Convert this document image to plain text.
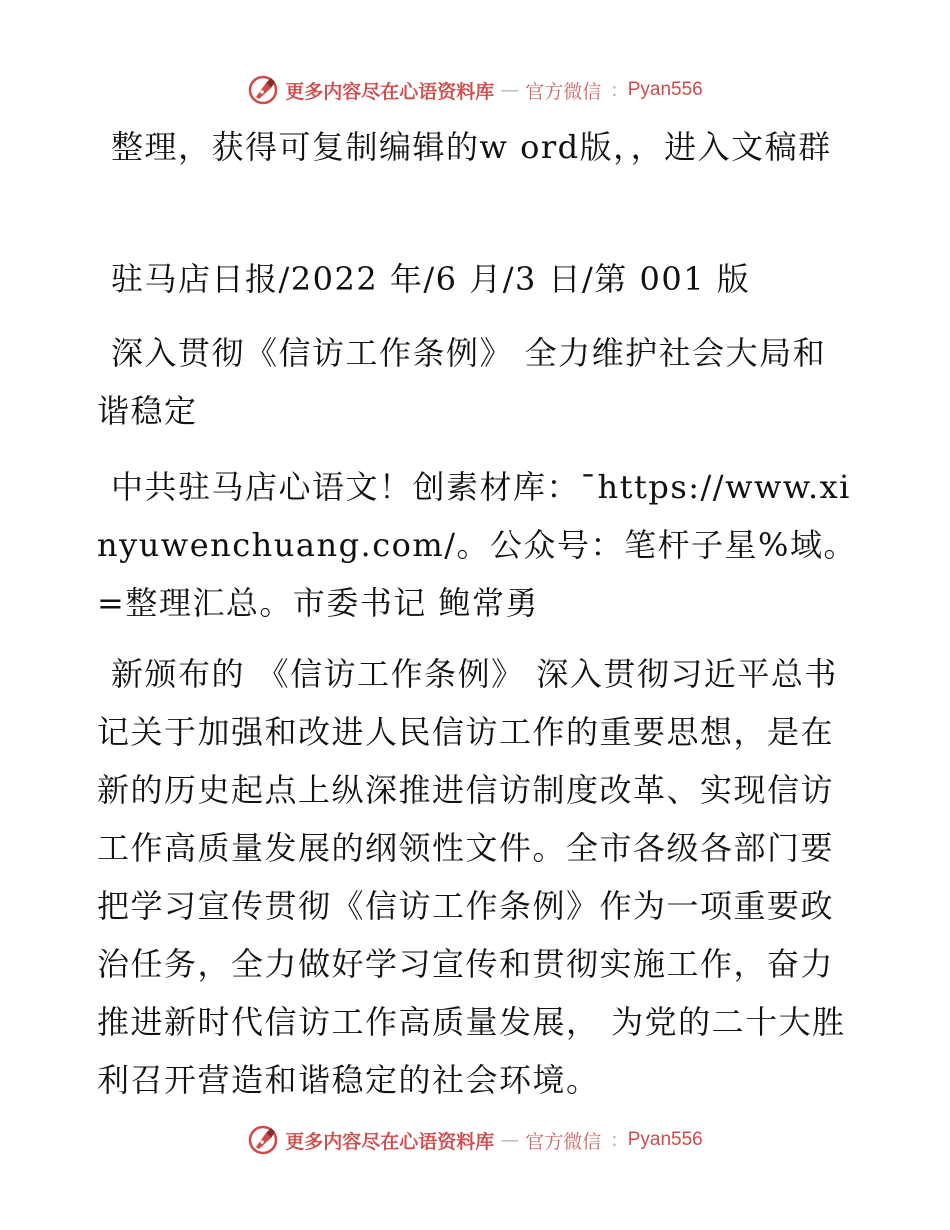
更多内容尽在心语资料库 — 官方微信 : Pyan556
整理，获得可复制编辑的w ord版，，进入文稿群
驻马店日报/2022 年/6 月/3 日/第 001 版
深入贯彻《信访工作条例》 全力维护社会大局和谐稳定
中共驻马店心语文！创素材库：¯https://www.xinyuwenchuang.com/。公众号：笔杆子星%域。=整理汇总。市委书记 鲍常勇
新颁布的 《信访工作条例》 深入贯彻习近平总书记关于加强和改进人民信访工作的重要思想，是在新的历史起点上纵深推进信访制度改革、实现信访工作高质量发展的纲领性文件。全市各级各部门要把学习宣传贯彻《信访工作条例》作为一项重要政治任务，全力做好学习宣传和贯彻实施工作，奋力推进新时代信访工作高质量发展， 为党的二十大胜利召开营造和谐稳定的社会环境。
更多内容尽在心语资料库 — 官方微信 : Pyan556
